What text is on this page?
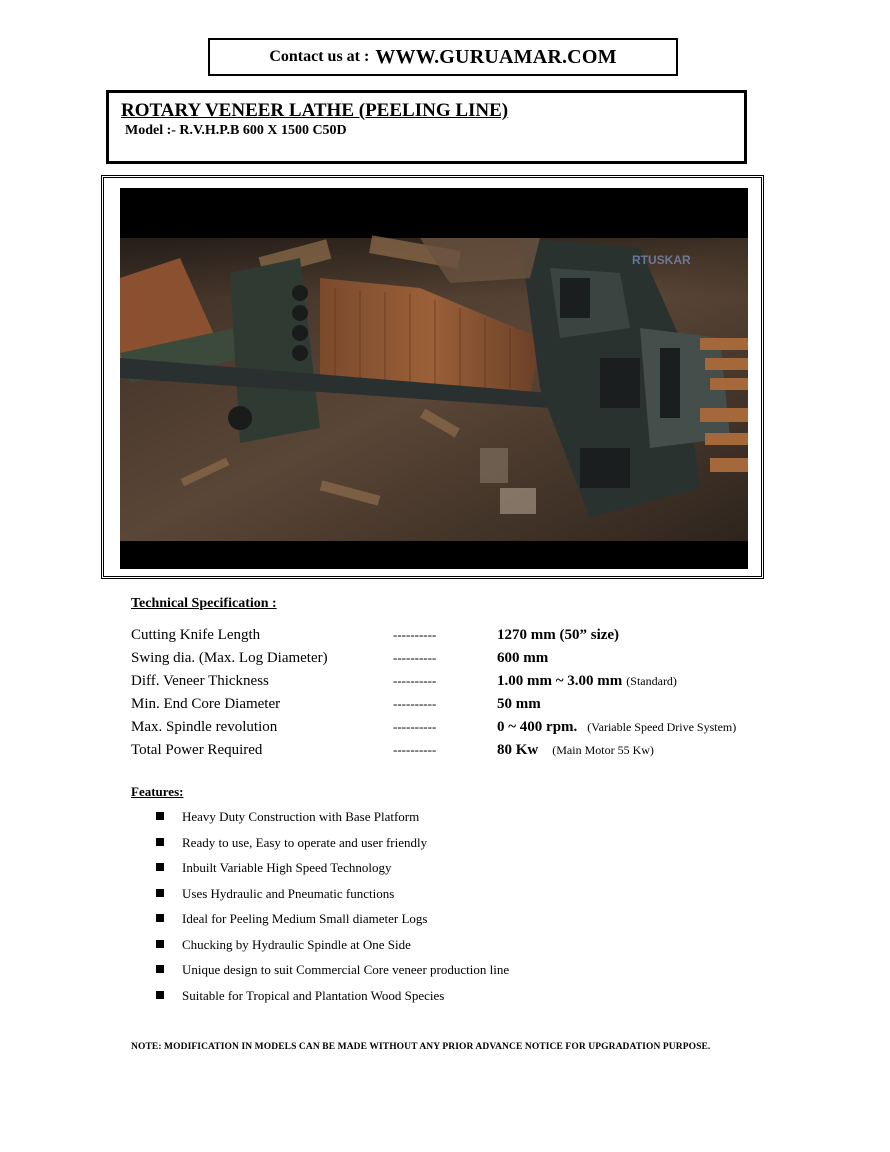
Contact us at : WWW.GURUAMAR.COM
ROTARY VENEER LATHE (PEELING LINE)
Model :- R.V.H.P.B 600 X 1500 C50D
RTUSKAR
Technical Specification :
Cutting Knife Length	----------	1270 mm (50” size)
Swing dia. (Max. Log Diameter)	----------	600 mm
Diff. Veneer Thickness	----------	1.00 mm ~ 3.00 mm (Standard)
Min. End Core Diameter	----------	50 mm
Max. Spindle revolution	----------	0 ~ 400 rpm. (Variable Speed Drive System)
Total Power Required	----------	80 Kw (Main Motor 55 Kw)
Features:
Heavy Duty Construction with Base Platform
Ready to use, Easy to operate and user friendly
Inbuilt Variable High Speed Technology
Uses Hydraulic and Pneumatic functions
Ideal for Peeling Medium Small diameter Logs
Chucking by Hydraulic Spindle at One Side
Unique design to suit Commercial Core veneer production line
Suitable for Tropical and Plantation Wood Species
NOTE: MODIFICATION IN MODELS CAN BE MADE WITHOUT ANY PRIOR ADVANCE NOTICE FOR UPGRADATION PURPOSE.
